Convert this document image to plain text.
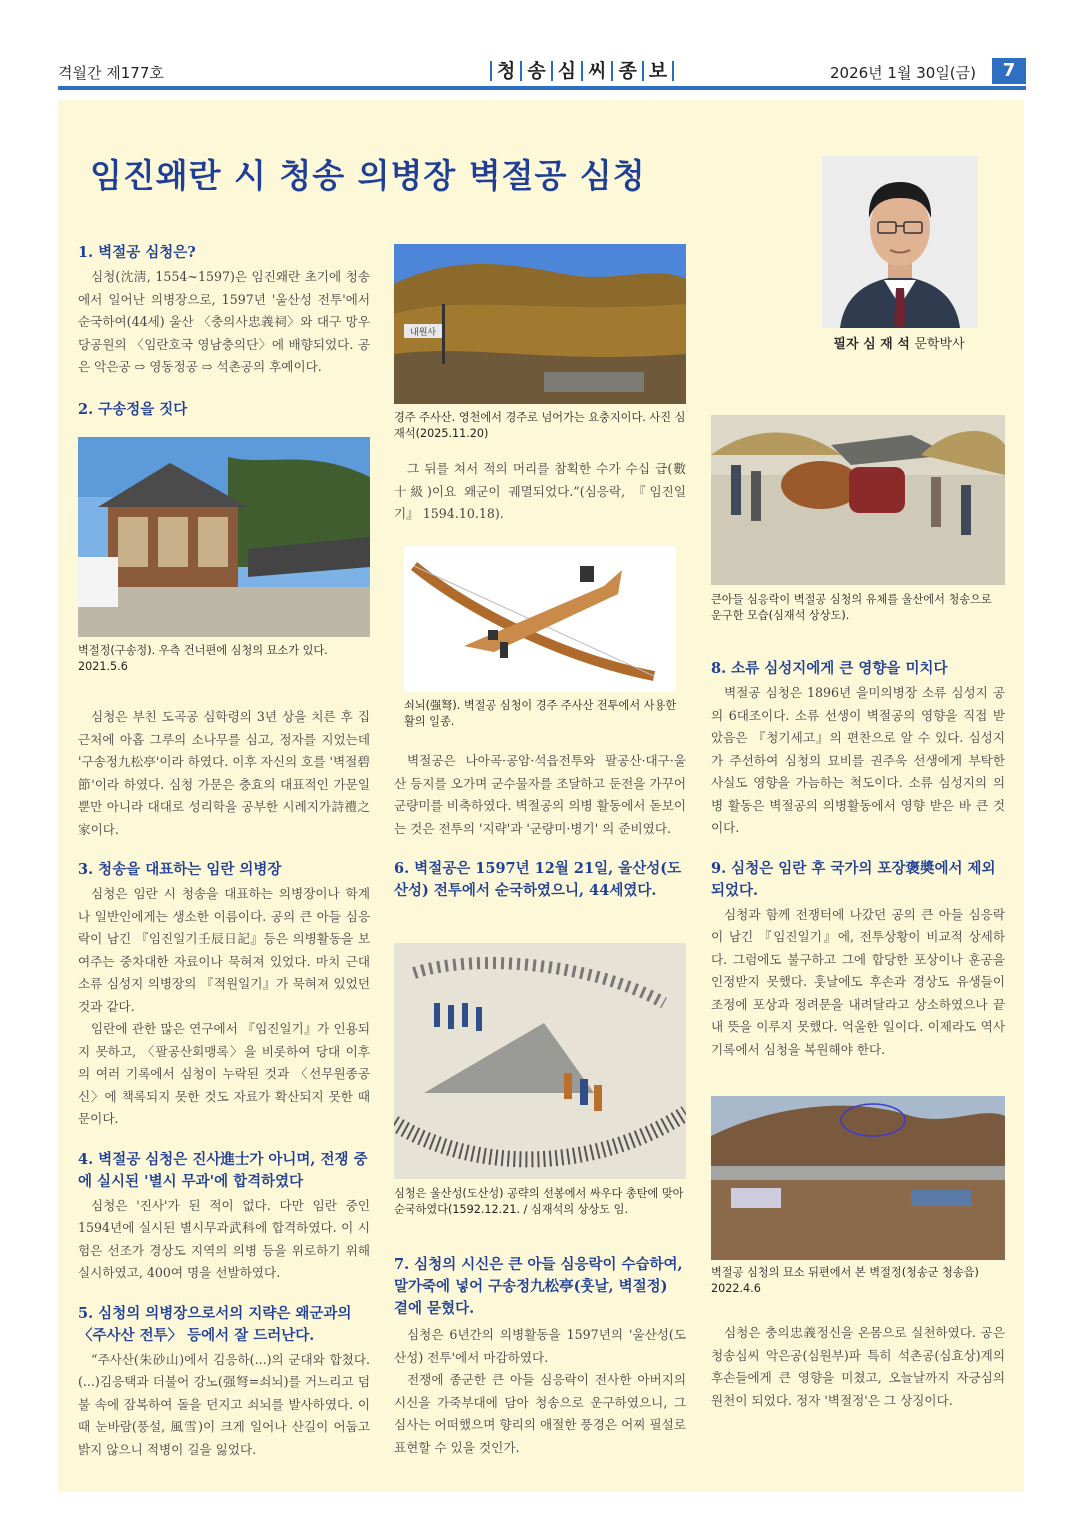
격월간 제177호	청 송 심 씨 종 보	2026년 1월 30일(금)	7
임진왜란 시 청송 의병장 벽절공 심청
필자 심 재 석 문학박사

1. 벽절공 심청은?

심청(沈淸, 1554~1597)은 임진왜란 초기에 청송에서 일어난 의병장으로, 1597년 '울산성 전투'에서 순국하여(44세) 울산 〈충의사忠義祠〉와 대구 망우당공원의 〈임란호국 영남충의단〉에 배향되었다. 공은 악은공 ⇨ 영동정공 ⇨ 석촌공의 후예이다.

2. 구송정을 짓다

벽절정(구송정). 우측 건너편에 심청의 묘소가 있다. 2021.5.6

심청은 부친 도곡공 심학령의 3년 상을 치른 후 집 근처에 아홉 그루의 소나무를 심고, 정자를 지었는데 '구송정九松亭'이라 하였다. 이후 자신의 호를 '벽절碧節'이라 하였다. 심청 가문은 충효의 대표적인 가문일 뿐만 아니라 대대로 성리학을 공부한 시례지가詩禮之家이다.

3. 청송을 대표하는 임란 의병장

심청은 임란 시 청송을 대표하는 의병장이나 학계나 일반인에게는 생소한 이름이다. 공의 큰 아들 심응락이 남긴 『임진일기壬辰日記』등은 의병활동을 보여주는 중차대한 자료이나 묵혀져 있었다. 마치 근대 소류 심성지 의병장의 『적원일기』가 묵혀져 있었던 것과 같다.

임란에 관한 많은 연구에서 『임진일기』가 인용되지 못하고, 〈팔공산회맹록〉을 비롯하여 당대 이후의 여러 기록에서 심청이 누락된 것과 〈선무원종공신〉에 책록되지 못한 것도 자료가 확산되지 못한 때문이다.

4. 벽절공 심청은 진사進士가 아니며, 전쟁 중에 실시된 '별시 무과'에 합격하였다

심청은 '진사'가 된 적이 없다. 다만 임란 중인 1594년에 실시된 별시무과武科에 합격하였다. 이 시험은 선조가 경상도 지역의 의병 등을 위로하기 위해 실시하였고, 400여 명을 선발하였다.

5. 심청의 의병장으로서의 지략은 왜군과의 〈주사산 전투〉 등에서 잘 드러난다.

“주사산(朱砂山)에서 김응하(...)의 군대와 합쳤다.(...)김응택과 더불어 강노(强弩=쇠뇌)를 거느리고 덤불 속에 잠복하여 돌을 던지고 쇠뇌를 발사하였다. 이때 눈바람(풍설, 風雪)이 크게 일어나 산길이 어둡고 밝지 않으니 적병이 길을 잃었다.

내원사

경주 주사산. 영천에서 경주로 넘어가는 요충지이다. 사진 심재석(2025.11.20)

그 뒤를 쳐서 적의 머리를 참획한 수가 수십 급(數十級)이요 왜군이 궤멸되었다.”(심응락, 『임진일기』 1594.10.18).

쇠뇌(强弩). 벽절공 심청이 경주 주사산 전투에서 사용한 활의 일종.

벽절공은 나아곡·공암·석읍전투와 팔공산·대구·울산 등지를 오가며 군수물자를 조달하고 둔전을 가꾸어 군량미를 비축하였다. 벽절공의 의병 활동에서 돋보이는 것은 전투의 '지략'과 '군량미·병기' 의 준비였다.

6. 벽절공은 1597년 12월 21일, 울산성(도산성) 전투에서 순국하였으니, 44세였다.

심청은 울산성(도산성) 공략의 선봉에서 싸우다 총탄에 맞아 순국하였다(1592.12.21. / 심재석의 상상도 임.

7. 심청의 시신은 큰 아들 심응락이 수습하여, 말가죽에 넣어 구송정九松亭(훗날, 벽절정) 곁에 묻혔다.

심청은 6년간의 의병활동을 1597년의 '울산성(도산성) 전투'에서 마감하였다.

전쟁에 종군한 큰 아들 심응락이 전사한 아버지의 시신을 가죽부대에 담아 청송으로 운구하였으니, 그 심사는 어떠했으며 향리의 애절한 풍경은 어찌 필설로 표현할 수 있을 것인가.

큰아들 심응락이 벽절공 심청의 유체를 울산에서 청송으로 운구한 모습(심재석 상상도).

8. 소류 심성지에게 큰 영향을 미치다

벽절공 심청은 1896년 을미의병장 소류 심성지 공의 6대조이다. 소류 선생이 벽절공의 영향을 직접 받았음은 『청기세고』의 편찬으로 알 수 있다. 심성지가 주선하여 심청의 묘비를 권주욱 선생에게 부탁한 사실도 영향을 가늠하는 척도이다. 소류 심성지의 의병 활동은 벽절공의 의병활동에서 영향 받은 바 큰 것이다.

9. 심청은 임란 후 국가의 포장褒奬에서 제외되었다.

심청과 함께 전쟁터에 나갔던 공의 큰 아들 심응락이 남긴 『임진일기』에, 전투상황이 비교적 상세하다. 그럼에도 불구하고 그에 합당한 포상이나 훈공을 인정받지 못했다. 훗날에도 후손과 경상도 유생들이 조정에 포상과 정려문을 내려달라고 상소하였으나 끝내 뜻을 이루지 못했다. 억울한 일이다. 이제라도 역사 기록에서 심청을 복원해야 한다.

벽절공 심청의 묘소 뒤편에서 본 벽절정(청송군 청송읍) 2022.4.6

심청은 충의忠義정신을 온몸으로 실천하였다. 공은 청송심씨 악은공(심원부)파 특히 석촌공(심효상)계의 후손들에게 큰 영향을 미쳤고, 오늘날까지 자긍심의 원천이 되었다. 정자 '벽절정'은 그 상징이다.
